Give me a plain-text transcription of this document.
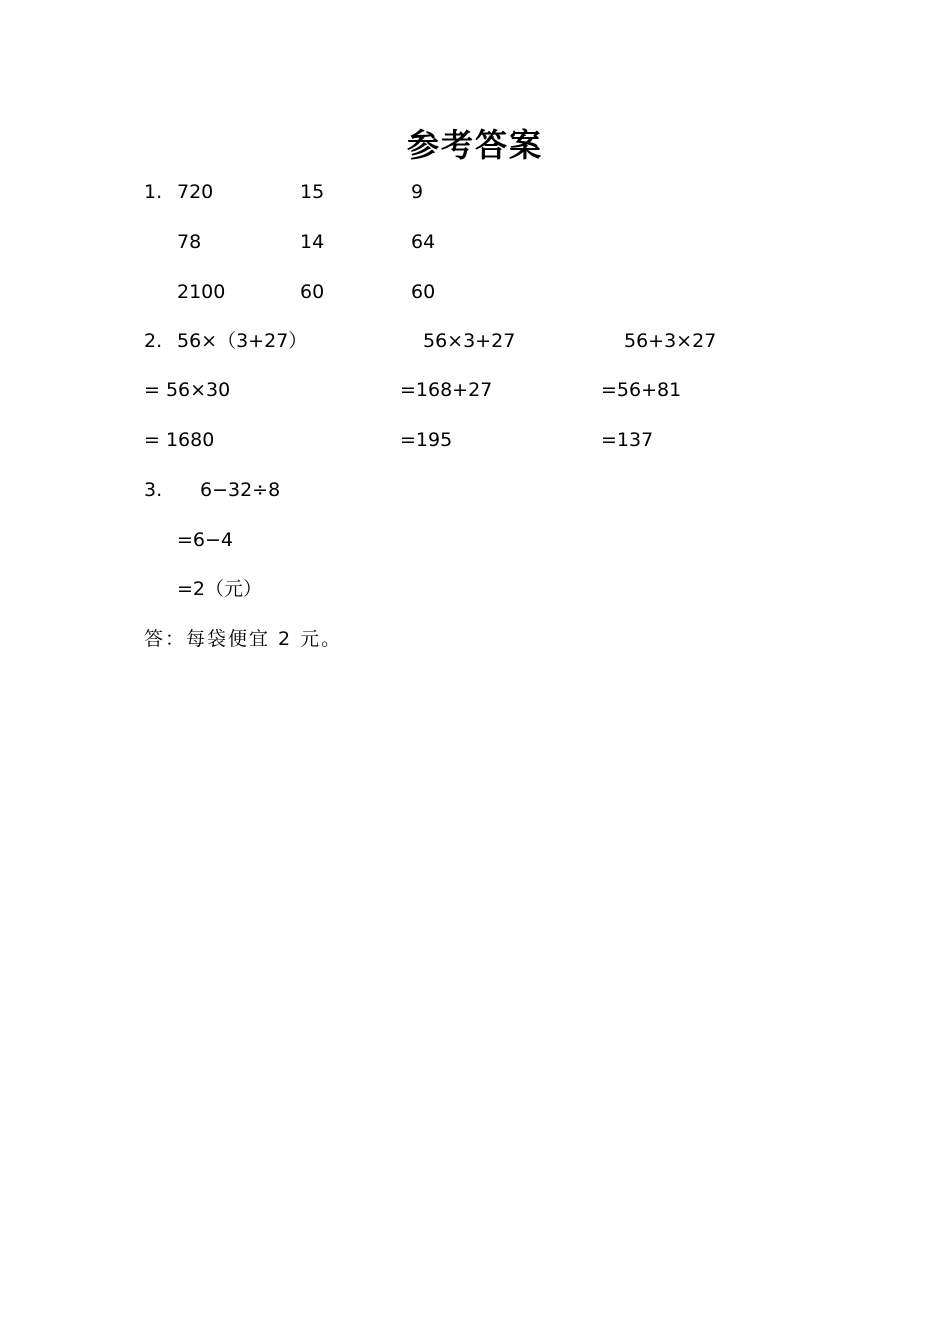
参考答案
1. 720	15	9
78	14	64
2100	60	60
2. 56×（3+27）	56×3+27	56+3×27
= 56×30	=168+27	=56+81
= 1680	=195	=137
3. 6−32÷8
=6−4
=2（元）
答：每袋便宜 2 元。
